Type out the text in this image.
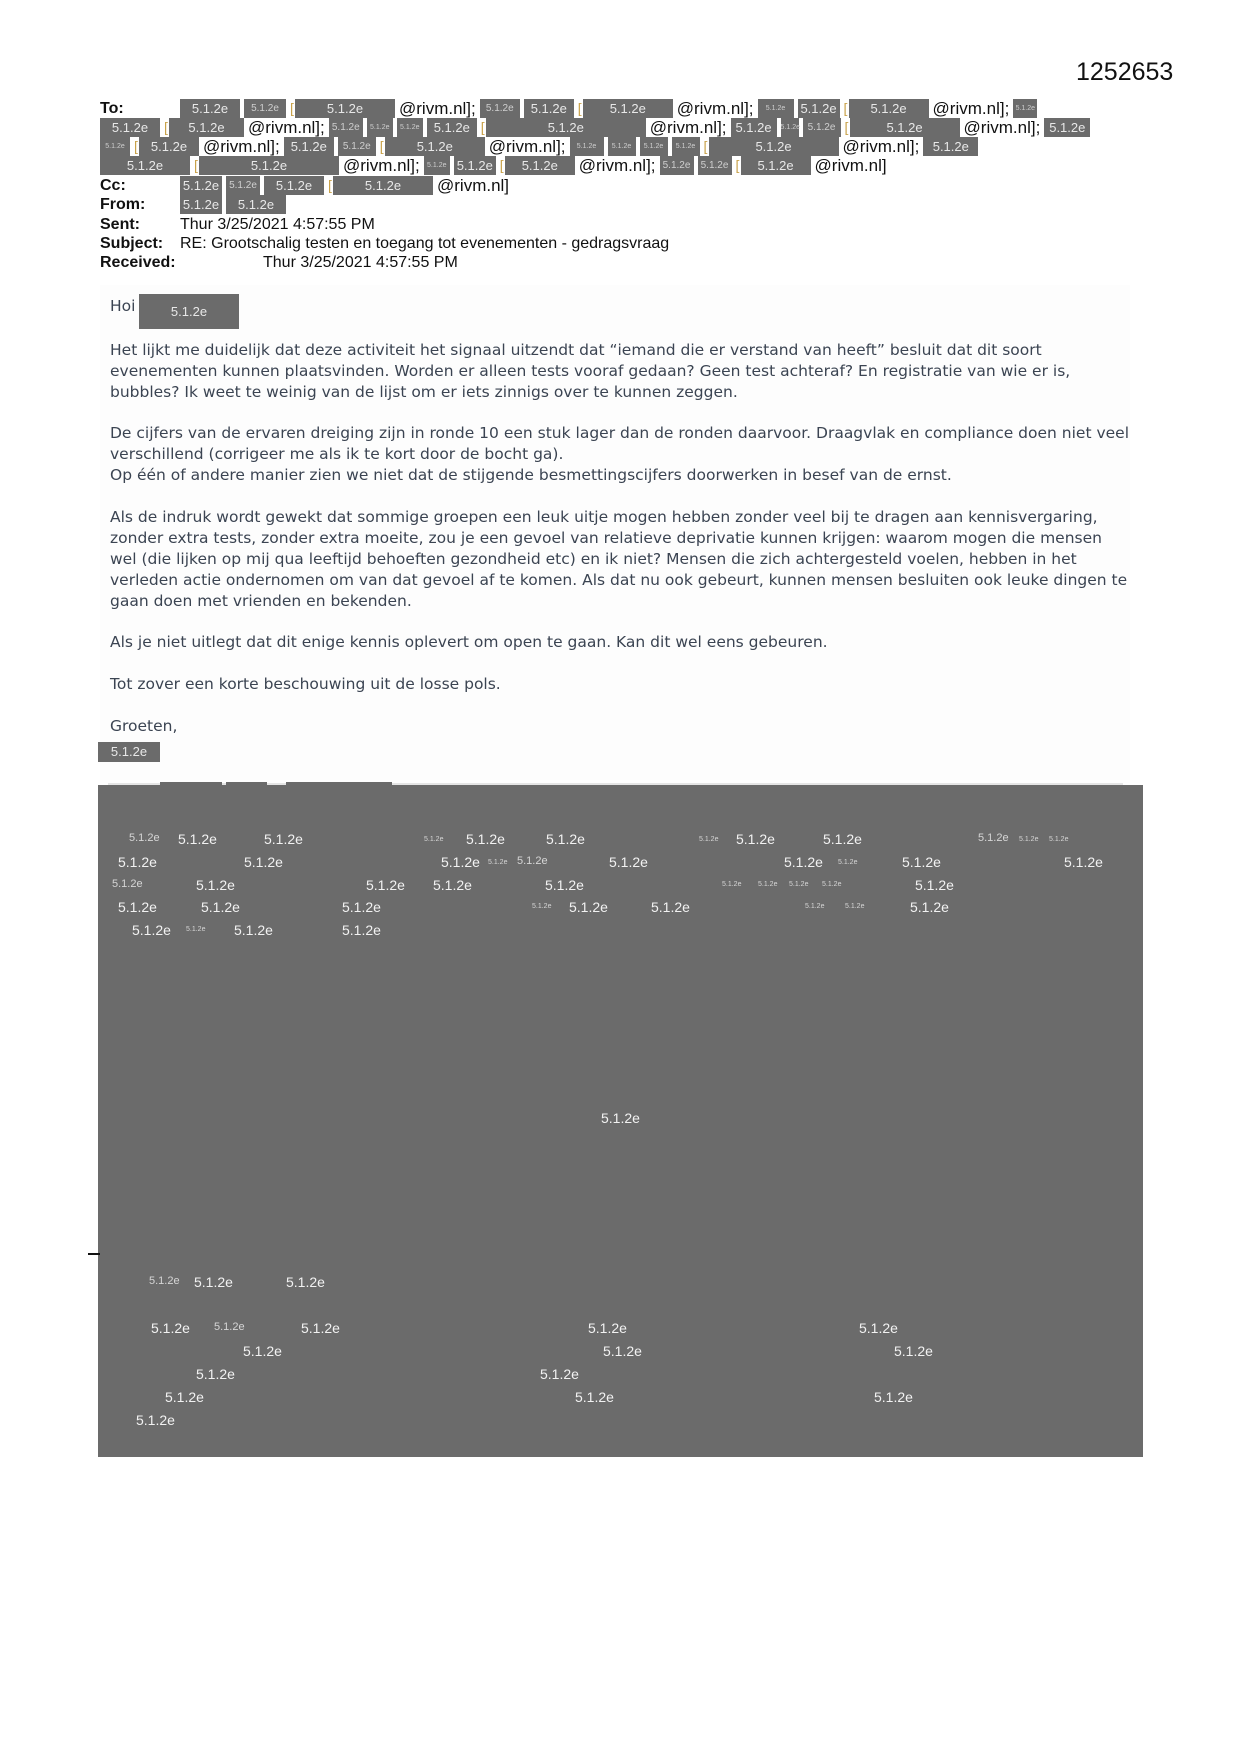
1252653
To:	5.1.2e 5.1.2e [	5.1.2e @rivm.nl]; 5.1.2e 5.1.2e [ 5.1.2e @rivm.nl]; 5.1.2e 5.1.2e [ 5.1.2e @rivm.nl]; 5.1.2e
5.1.2e [ 5.1.2e @rivm.nl]; 5.1.2e 5.1.2e 5.1.2e 5.1.2e [	5.1.2e	@rivm.nl]; 5.1.2e 5.1.2e 5.1.2e [	5.1.2e @rivm.nl]; 5.1.2e
5.1.2e [ 5.1.2e @rivm.nl]; 5.1.2e 5.1.2e [	5.1.2e @rivm.nl]; 5.1.2e 5.1.2e 5.1.2e 5.1.2e [	5.1.2e	@rivm.nl]; 5.1.2e
5.1.2e [	5.1.2e	@rivm.nl]; 5.1.2e 5.1.2e [ 5.1.2e @rivm.nl]; 5.1.2e 5.1.2e [ 5.1.2e @rivm.nl]
Cc:	5.1.2e 5.1.2e 5.1.2e [	5.1.2e @rivm.nl]
From:	5.1.2e 5.1.2e
Sent:	Thur 3/25/2021 4:57:55 PM
Subject: RE: Grootschalig testen en toegang tot evenementen - gedragsvraag
Received:	Thur 3/25/2021 4:57:55 PM
Hoi	5.1.2e
Het lijkt me duidelijk dat deze activiteit het signaal uitzendt dat “iemand die er verstand van heeft” besluit dat dit soort evenementen kunnen plaatsvinden. Worden er alleen tests vooraf gedaan? Geen test achteraf? En registratie van wie er is, bubbles? Ik weet te weinig van de lijst om er iets zinnigs over te kunnen zeggen.
De cijfers van de ervaren dreiging zijn in ronde 10 een stuk lager dan de ronden daarvoor. Draagvlak en compliance doen niet veel verschillend (corrigeer me als ik te kort door de bocht ga).
Op één of andere manier zien we niet dat de stijgende besmettingscijfers doorwerken in besef van de ernst.
Als de indruk wordt gewekt dat sommige groepen een leuk uitje mogen hebben zonder veel bij te dragen aan kennisvergaring, zonder extra tests, zonder extra moeite, zou je een gevoel van relatieve deprivatie kunnen krijgen: waarom mogen die mensen wel (die lijken op mij qua leeftijd behoeften gezondheid etc) en ik niet? Mensen die zich achtergesteld voelen, hebben in het verleden actie ondernomen om van dat gevoel af te komen. Als dat nu ook gebeurt, kunnen mensen besluiten ook leuke dingen te gaan doen met vrienden en bekenden.
Als je niet uitlegt dat dit enige kennis oplevert om open te gaan. Kan dit wel eens gebeuren.
Tot zover een korte beschouwing uit de losse pols.
Groeten,
5.1.2e
5.1.2e 5.1.2e	5.1.2e	5.1.2e 5.1.2e	5.1.2e	5.1.2e 5.1.2e	5.1.2e	5.1.2e 5.1.2e 5.1.2e
5.1.2e	5.1.2e	5.1.2e 5.1.2e 5.1.2e	5.1.2e	5.1.2e 5.1.2e	5.1.2e	5.1.2e
5.1.2e	5.1.2e	5.1.2e 5.1.2e	5.1.2e	5.1.2e 5.1.2e 5.1.2e 5.1.2e	5.1.2e
5.1.2e	5.1.2e	5.1.2e	5.1.2e 5.1.2e	5.1.2e	5.1.2e	5.1.2e	5.1.2e
5.1.2e 5.1.2e 5.1.2e	5.1.2e
5.1.2e
5.1.2e 5.1.2e	5.1.2e
5.1.2e 5.1.2e	5.1.2e	5.1.2e	5.1.2e
5.1.2e	5.1.2e	5.1.2e
5.1.2e	5.1.2e
5.1.2e	5.1.2e	5.1.2e
5.1.2e
